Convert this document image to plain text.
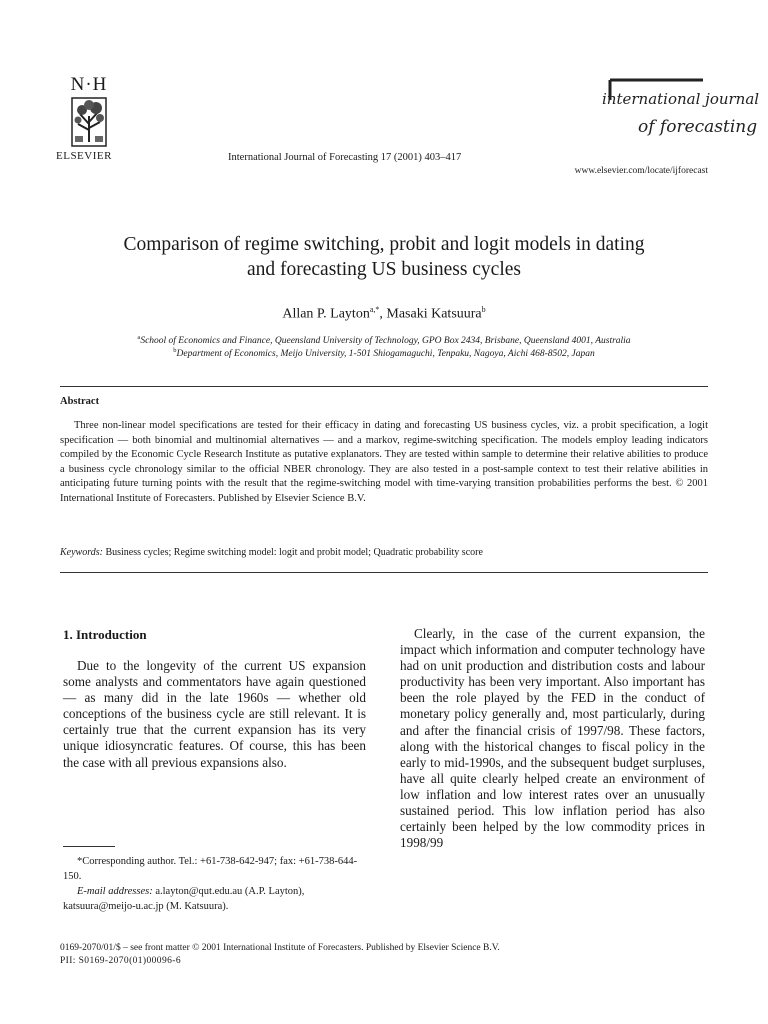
N·H
ELSEVIER	International Journal of Forecasting 17 (2001) 403–417
international journal
of forecasting
www.elsevier.com/locate/ijforecast
Comparison of regime switching, probit and logit models in dating
and forecasting US business cycles
Allan P. Layton$^{a,*}$, Masaki Katsuura$^b$
$^a$School of Economics and Finance, Queensland University of Technology, GPO Box 2434, Brisbane, Queensland 4001, Australia
$^b$Department of Economics, Meijo University, 1-501 Shiogamaguchi, Tenpaku, Nagoya, Aichi 468-8502, Japan
Abstract

Three non-linear model specifications are tested for their efficacy in dating and forecasting US business cycles, viz. a probit specification, a logit specification — both binomial and multinomial alternatives — and a markov, regime-switching specification. The models employ leading indicators compiled by the Economic Cycle Research Institute as putative explanators. They are tested within sample to determine their relative abilities to produce a business cycle chronology similar to the official NBER chronology. They are also tested in a post-sample context to test their relative abilities in anticipating future turning points with the result that the regime-switching model with time-varying transition probabilities performs the best. © 2001 International Institute of Forecasters. Published by Elsevier Science B.V.

Keywords: Business cycles; Regime switching model: logit and probit model; Quadratic probability score
1. Introduction

Due to the longevity of the current US expansion some analysts and commentators have again questioned — as many did in the late 1960s — whether old conceptions of the business cycle are still relevant. It is certainly true that the current expansion has its very unique idiosyncratic features. Of course, this has been the case with all previous expansions also.

Clearly, in the case of the current expansion, the impact which information and computer technology have had on unit production and distribution costs and labour productivity has been very important. Also important has been the role played by the FED in the conduct of monetary policy generally and, most particularly, during and after the financial crisis of 1997/98. These factors, along with the historical changes to fiscal policy in the early to mid-1990s, and the subsequent budget surpluses, have all quite clearly helped create an environment of low inflation and low interest rates over an unusually sustained period. This low inflation period has also certainly been helped by the low commodity prices in 1998/99

*Corresponding author. Tel.: +61-738-642-947; fax: +61-738-644-150.

E-mail addresses: a.layton@qut.edu.au (A.P. Layton), katsuura@meijo-u.ac.jp (M. Katsuura).

0169-2070/01/$ – see front matter © 2001 International Institute of Forecasters. Published by Elsevier Science B.V.
PII: S0169-2070(01)00096-6
